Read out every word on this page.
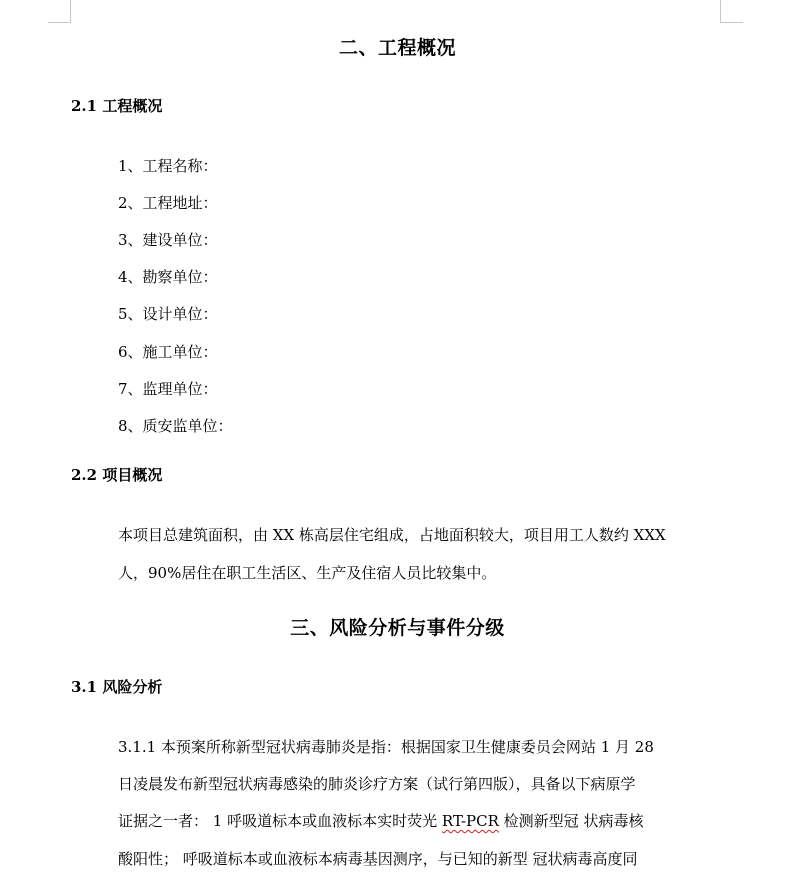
二、工程概况
2.1 工程概况
1、工程名称：
2、工程地址：
3、建设单位：
4、勘察单位：
5、设计单位：
6、施工单位：
7、监理单位：
8、质安监单位：
2.2 项目概况
本项目总建筑面积，由 XX 栋高层住宅组成，占地面积较大，项目用工人数约 XXX
人，90%居住在职工生活区、生产及住宿人员比较集中。
三、风险分析与事件分级
3.1 风险分析
3.1.1 本预案所称新型冠状病毒肺炎是指：根据国家卫生健康委员会网站 1 月 28
日凌晨发布新型冠状病毒感染的肺炎诊疗方案（试行第四版），具备以下病原学
证据之一者： 1 呼吸道标本或血液标本实时荧光 RT-PCR 检测新型冠 状病毒核
酸阳性； 呼吸道标本或血液标本病毒基因测序，与已知的新型 冠状病毒高度同
